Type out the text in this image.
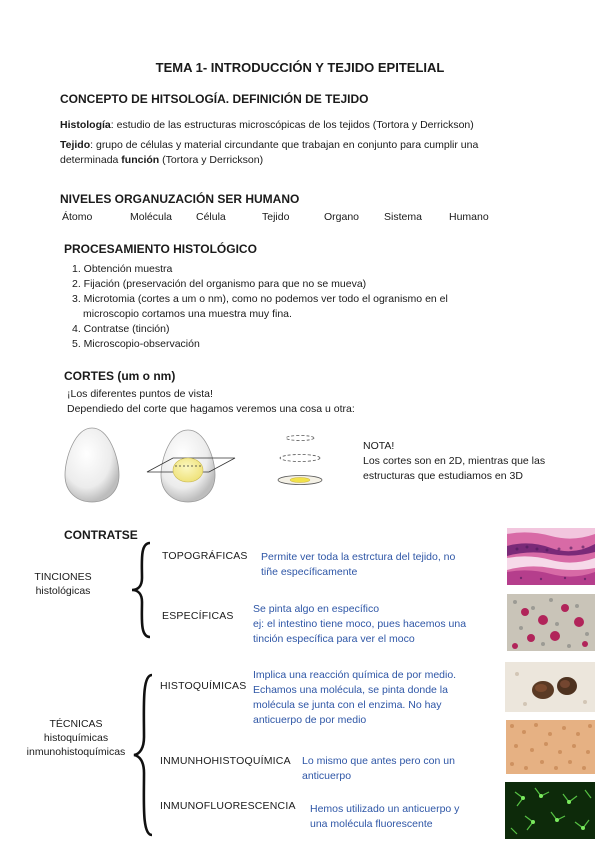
TEMA 1- INTRODUCCIÓN Y TEJIDO EPITELIAL
CONCEPTO DE HITSOLOGÍA. DEFINICIÓN DE TEJIDO
Histología: estudio de las estructuras microscópicas de los tejidos (Tortora y Derrickson)
Tejido: grupo de células y material circundante que trabajan en conjunto para cumplir una
determinada función (Tortora y Derrickson)
NIVELES ORGANUZACIÓN SER HUMANO
Átomo	Molécula Célula	Tejido	Organo Sistema	Humano
PROCESAMIENTO HISTOLÓGICO
1. Obtención muestra
2. Fijación (preservación del organismo para que no se mueva)
3. Microtomia (cortes a um o nm), como no podemos ver todo el ogranismo en el
microscopio cortamos una muestra muy fina.
4. Contratse (tinción)
5. Microscopio-observación
CORTES (um o nm)
¡Los diferentes puntos de vista!
Dependiedo del corte que hagamos veremos una cosa u otra:
NOTA!
Los cortes son en 2D, mientras que las
estructuras que estudiamos en 3D
CONTRATSE
TINCIONES
histológicas
TOPOGRÁFICAS Permite ver toda la estrctura del tejido, no
tiñe específicamente
ESPECÍFICAS
Se pinta algo en específico
ej: el intestino tiene moco, pues hacemos una
tinción específica para ver el moco
TÉCNICAS
histoquímicas
inmunohistoquímicas
HISTOQUÍMICAS
Implica una reacción química de por medio.
Echamos una molécula, se pinta donde la
molécula se junta con el enzima. No hay
anticuerpo de por medio
INMUNHOHISTOQUÍMICA Lo mismo que antes pero con un
anticuerpo
INMUNOFLUORESCENCIA Hemos utilizado un anticuerpo y
una molécula fluorescente
